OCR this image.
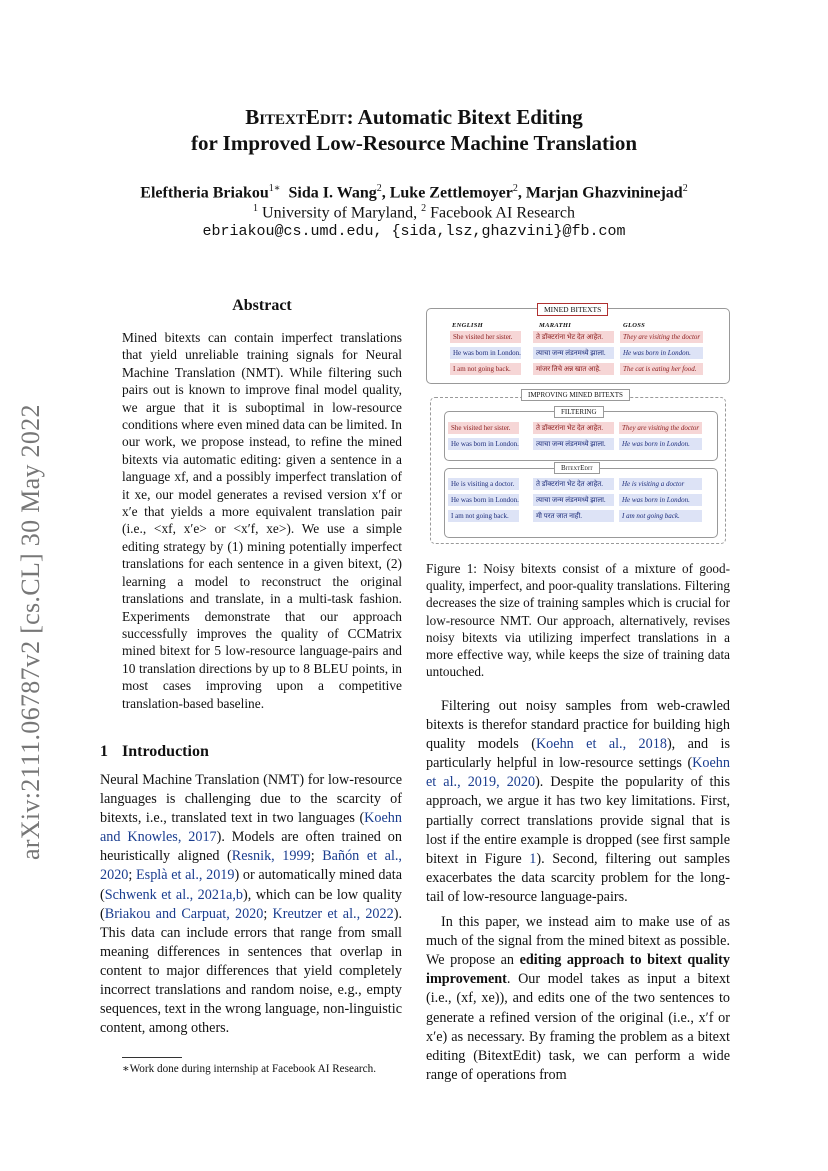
BitextEdit: Automatic Bitext Editing
for Improved Low-Resource Machine Translation
Eleftheria Briakou$^{1∗}$ Sida I. Wang$^2$, Luke Zettlemoyer$^2$, Marjan Ghazvininejad$^2$
$^1$ University of Maryland, $^2$ Facebook AI Research
ebriakou@cs.umd.edu, {sida,lsz,ghazvini}@fb.com
arXiv:2111.06787v2 [cs.CL] 30 May 2022
Abstract

Mined bitexts can contain imperfect translations that yield unreliable training signals for Neural Machine Translation (NMT). While filtering such pairs out is known to improve final model quality, we argue that it is suboptimal in low-resource conditions where even mined data can be limited. In our work, we propose instead, to refine the mined bitexts via automatic editing: given a sentence in a language xf, and a possibly imperfect translation of it xe, our model generates a revised version x′f or x′e that yields a more equivalent translation pair (i.e., <xf, x′e> or <x′f, xe>). We use a simple editing strategy by (1) mining potentially imperfect translations for each sentence in a given bitext, (2) learning a model to reconstruct the original translations and translate, in a multi-task fashion. Experiments demonstrate that our approach successfully improves the quality of CCMatrix mined bitext for 5 low-resource language-pairs and 10 translation directions by up to 8 BLEU points, in most cases improving upon a competitive translation-based baseline.

1 Introduction

Neural Machine Translation (NMT) for low-resource languages is challenging due to the scarcity of bitexts, i.e., translated text in two languages (Koehn and Knowles, 2017). Models are often trained on heuristically aligned (Resnik, 1999; Bañón et al., 2020; Esplà et al., 2019) or automatically mined data (Schwenk et al., 2021a,b), which can be low quality (Briakou and Carpuat, 2020; Kreutzer et al., 2022). This data can include errors that range from small meaning differences in sentences that overlap in content to major differences that yield completely incorrect translations and random noise, e.g., empty sequences, text in the wrong language, non-linguistic content, among others.

∗Work done during internship at Facebook AI Research.
MINED BITEXTS
ENGLISH	MARATHI	GLOSS
She visited her sister.	ते डॉक्टरांना भेट देत आहेत.	They are visiting the doctor
He was born in London.	त्याचा जन्म लंडनमध्ये झाला.	He was born in London.
I am not going back.	मांजर तिचे अन्न खात आहे.	The cat is eating her food.
IMPROVING MINED BITEXTS
FILTERING
She visited her sister.	ते डॉक्टरांना भेट देत आहेत.	They are visiting the doctor
He was born in London.	त्याचा जन्म लंडनमध्ये झाला.	He was born in London.
BitextEdit
He is visiting a doctor.	ते डॉक्टरांना भेट देत आहेत.	He is visiting a doctor
He was born in London.	त्याचा जन्म लंडनमध्ये झाला.	He was born in London.
I am not going back.	मी परत जात नाही.	I am not going back.
Figure 1: Noisy bitexts consist of a mixture of good-quality, imperfect, and poor-quality translations. Filtering decreases the size of training samples which is crucial for low-resource NMT. Our approach, alternatively, revises noisy bitexts via utilizing imperfect translations in a more effective way, while keeps the size of training data untouched.

Filtering out noisy samples from web-crawled bitexts is therefor standard practice for building high quality models (Koehn et al., 2018), and is particularly helpful in low-resource settings (Koehn et al., 2019, 2020). Despite the popularity of this approach, we argue it has two key limitations. First, partially correct translations provide signal that is lost if the entire example is dropped (see first sample bitext in Figure 1). Second, filtering out samples exacerbates the data scarcity problem for the long-tail of low-resource language-pairs.

In this paper, we instead aim to make use of as much of the signal from the mined bitext as possible. We propose an editing approach to bitext quality improvement. Our model takes as input a bitext (i.e., (xf, xe)), and edits one of the two sentences to generate a refined version of the original (i.e., x′f or x′e) as necessary. By framing the problem as a bitext editing (BitextEdit) task, we can perform a wide range of operations from
